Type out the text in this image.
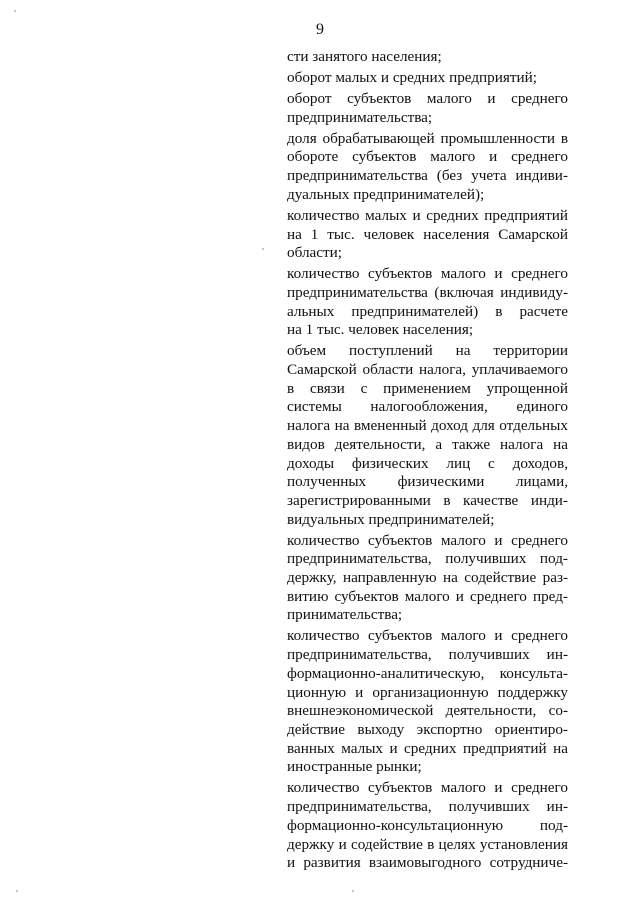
9
сти занятого населения;
оборот малых и средних предприятий;
оборот субъектов малого и среднего
предпринимательства;
доля обрабатывающей промышленности в
обороте субъектов малого и среднего
предпринимательства (без учета индиви-
дуальных предпринимателей);
количество малых и средних предприятий
на 1 тыс. человек населения Самарской
области;
количество субъектов малого и среднего
предпринимательства (включая индивиду-
альных предпринимателей) в расчете
на 1 тыс. человек населения;
объем поступлений на территории
Самарской области налога, уплачиваемого
в связи с применением упрощенной
системы налогообложения, единого
налога на вмененный доход для отдельных
видов деятельности, а также налога на
доходы физических лиц с доходов,
полученных физическими лицами,
зарегистрированными в качестве инди-
видуальных предпринимателей;
количество субъектов малого и среднего
предпринимательства, получивших под-
держку, направленную на содействие раз-
витию субъектов малого и среднего пред-
принимательства;
количество субъектов малого и среднего
предпринимательства, получивших ин-
формационно-аналитическую, консульта-
ционную и организационную поддержку
внешнеэкономической деятельности, со-
действие выходу экспортно ориентиро-
ванных малых и средних предприятий на
иностранные рынки;
количество субъектов малого и среднего
предпринимательства, получивших ин-
формационно-консультационную под-
держку и содействие в целях установления
и развития взаимовыгодного сотрудниче-
